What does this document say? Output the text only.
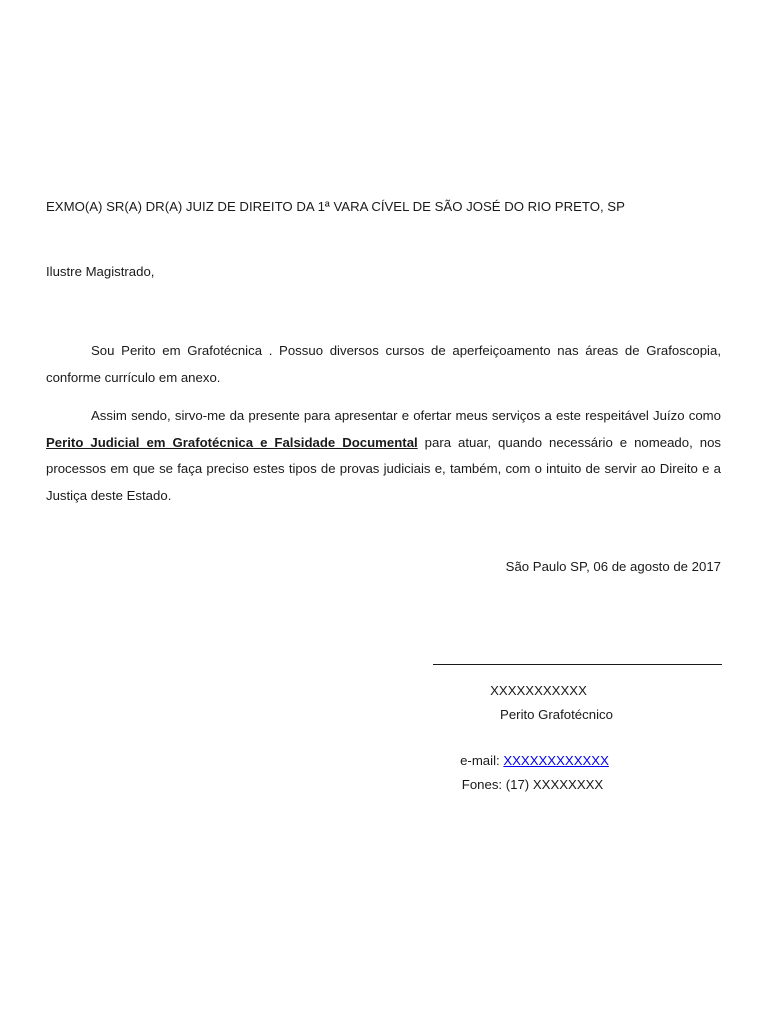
EXMO(A) SR(A) DR(A) JUIZ DE DIREITO DA 1ª VARA CÍVEL DE SÃO JOSÉ DO RIO PRETO, SP
Ilustre Magistrado,
Sou Perito em Grafotécnica . Possuo diversos cursos de aperfeiçoamento nas áreas de Grafoscopia, conforme currículo em anexo.
Assim sendo, sirvo-me da presente para apresentar e ofertar meus serviços a este respeitável Juízo como Perito Judicial em Grafotécnica e Falsidade Documental para atuar, quando necessário e nomeado, nos processos em que se faça preciso estes tipos de provas judiciais e, também, com o intuito de servir ao Direito e a Justiça deste Estado.
São Paulo SP, 06 de agosto de 2017
XXXXXXXXXXX
Perito Grafotécnico
e-mail: XXXXXXXXXXXX
Fones: (17) XXXXXXXX
